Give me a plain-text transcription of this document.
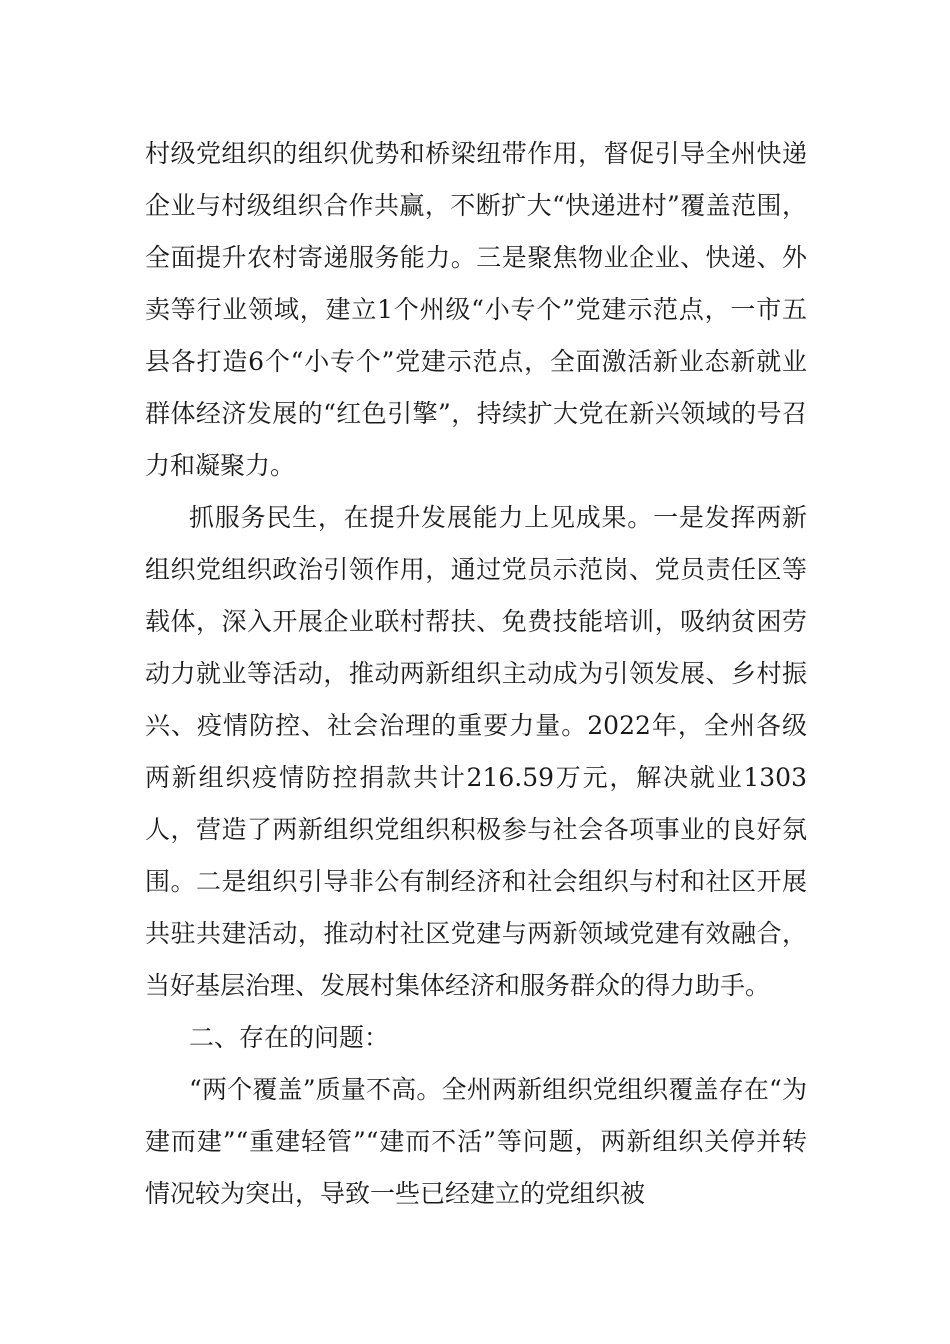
村级党组织的组织优势和桥梁纽带作用，督促引导全州快递企业与村级组织合作共赢，不断扩大“快递进村”覆盖范围，全面提升农村寄递服务能力。三是聚焦物业企业、快递、外卖等行业领域，建立1个州级“小专个”党建示范点，一市五县各打造6个“小专个”党建示范点，全面激活新业态新就业群体经济发展的“红色引擎”，持续扩大党在新兴领域的号召力和凝聚力。

抓服务民生，在提升发展能力上见成果。一是发挥两新组织党组织政治引领作用，通过党员示范岗、党员责任区等载体，深入开展企业联村帮扶、免费技能培训，吸纳贫困劳动力就业等活动，推动两新组织主动成为引领发展、乡村振兴、疫情防控、社会治理的重要力量。2022年，全州各级两新组织疫情防控捐款共计216.59万元，解决就业1303人，营造了两新组织党组织积极参与社会各项事业的良好氛围。二是组织引导非公有制经济和社会组织与村和社区开展共驻共建活动，推动村社区党建与两新领域党建有效融合，当好基层治理、发展村集体经济和服务群众的得力助手。

二、存在的问题：

“两个覆盖”质量不高。全州两新组织党组织覆盖存在“为建而建”“重建轻管”“建而不活”等问题，两新组织关停并转情况较为突出，导致一些已经建立的党组织被
